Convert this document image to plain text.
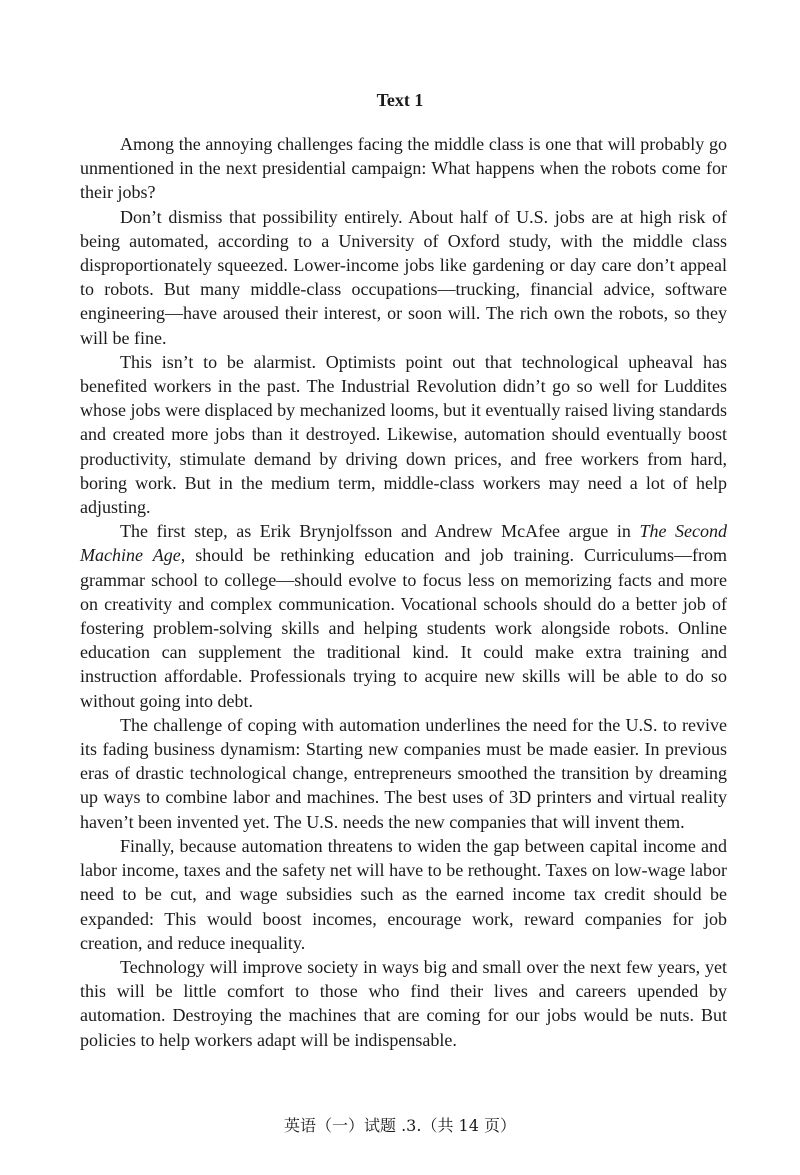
Text 1

Among the annoying challenges facing the middle class is one that will probably go unmentioned in the next presidential campaign: What happens when the robots come for their jobs?

Don’t dismiss that possibility entirely. About half of U.S. jobs are at high risk of being automated, according to a University of Oxford study, with the middle class disproportionately squeezed. Lower-income jobs like gardening or day care don’t appeal to robots. But many middle-class occupations—trucking, financial advice, software engineering—have aroused their interest, or soon will. The rich own the robots, so they will be fine.

This isn’t to be alarmist. Optimists point out that technological upheaval has benefited workers in the past. The Industrial Revolution didn’t go so well for Luddites whose jobs were displaced by mechanized looms, but it eventually raised living standards and created more jobs than it destroyed. Likewise, automation should eventually boost productivity, stimulate demand by driving down prices, and free workers from hard, boring work. But in the medium term, middle-class workers may need a lot of help adjusting.

The first step, as Erik Brynjolfsson and Andrew McAfee argue in The Second Machine Age, should be rethinking education and job training. Curriculums—from grammar school to college—should evolve to focus less on memorizing facts and more on creativity and complex communication. Vocational schools should do a better job of fostering problem-solving skills and helping students work alongside robots. Online education can supplement the traditional kind. It could make extra training and instruction affordable. Professionals trying to acquire new skills will be able to do so without going into debt.

The challenge of coping with automation underlines the need for the U.S. to revive its fading business dynamism: Starting new companies must be made easier. In previous eras of drastic technological change, entrepreneurs smoothed the transition by dreaming up ways to combine labor and machines. The best uses of 3D printers and virtual reality haven’t been invented yet. The U.S. needs the new companies that will invent them.

Finally, because automation threatens to widen the gap between capital income and labor income, taxes and the safety net will have to be rethought. Taxes on low-wage labor need to be cut, and wage subsidies such as the earned income tax credit should be expanded: This would boost incomes, encourage work, reward companies for job creation, and reduce inequality.

Technology will improve society in ways big and small over the next few years, yet this will be little comfort to those who find their lives and careers upended by automation. Destroying the machines that are coming for our jobs would be nuts. But policies to help workers adapt will be indispensable.

英语（一）试题 .3.（共 14 页）
